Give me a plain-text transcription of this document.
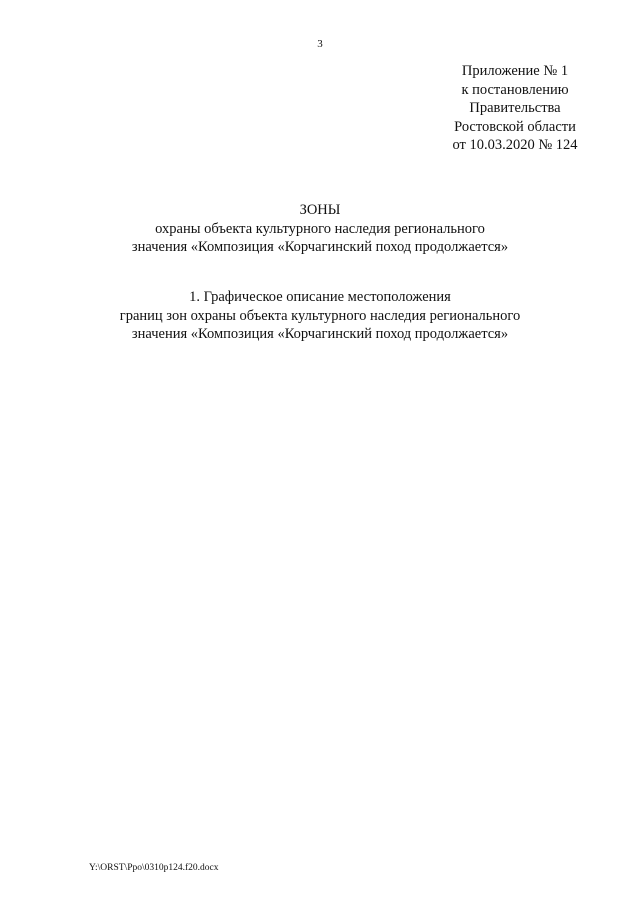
3
Приложение № 1
к постановлению
Правительства
Ростовской области
от 10.03.2020 № 124
ЗОНЫ
охраны объекта культурного наследия регионального
значения «Композиция «Корчагинский поход продолжается»
1. Графическое описание местоположения
границ зон охраны объекта культурного наследия регионального
значения «Композиция «Корчагинский поход продолжается»
Y:\ORST\Ppo\0310p124.f20.docx
